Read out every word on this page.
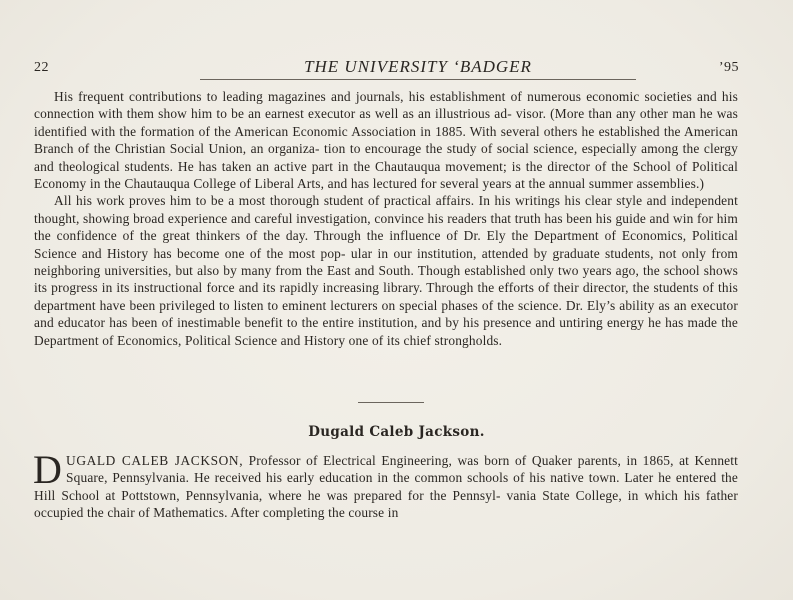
22	THE UNIVERSITY ‘BADGER	’95

His frequent contributions to leading magazines and journals, his establishment of numerous economic societies and his connection with them show him to be an earnest executor as well as an illustrious ad- visor. (More than any other man he was identified with the formation of the American Economic Association in 1885. With several others he established the American Branch of the Christian Social Union, an organiza- tion to encourage the study of social science, especially among the clergy and theological students. He has taken an active part in the Chautauqua movement; is the director of the School of Political Economy in the Chautauqua College of Liberal Arts, and has lectured for several years at the annual summer assemblies.)

All his work proves him to be a most thorough student of practical affairs. In his writings his clear style and independent thought, showing broad experience and careful investigation, convince his readers that truth has been his guide and win for him the confidence of the great thinkers of the day. Through the influence of Dr. Ely the Department of Economics, Political Science and History has become one of the most pop- ular in our institution, attended by graduate students, not only from neighboring universities, but also by many from the East and South. Though established only two years ago, the school shows its progress in its instructional force and its rapidly increasing library. Through the efforts of their director, the students of this department have been privileged to listen to eminent lecturers on special phases of the science. Dr. Ely’s ability as an executor and educator has been of inestimable benefit to the entire institution, and by his presence and untiring energy he has made the Department of Economics, Political Science and History one of its chief strongholds.

Dugald Caleb Jackson.

DUGALD CALEB JACKSON, Professor of Electrical Engineering, was born of Quaker parents, in 1865, at Kennett Square, Pennsylvania. He received his early education in the common schools of his native town. Later he entered the Hill School at Pottstown, Pennsylvania, where he was prepared for the Pennsyl- vania State College, in which his father occupied the chair of Mathematics. After completing the course in
